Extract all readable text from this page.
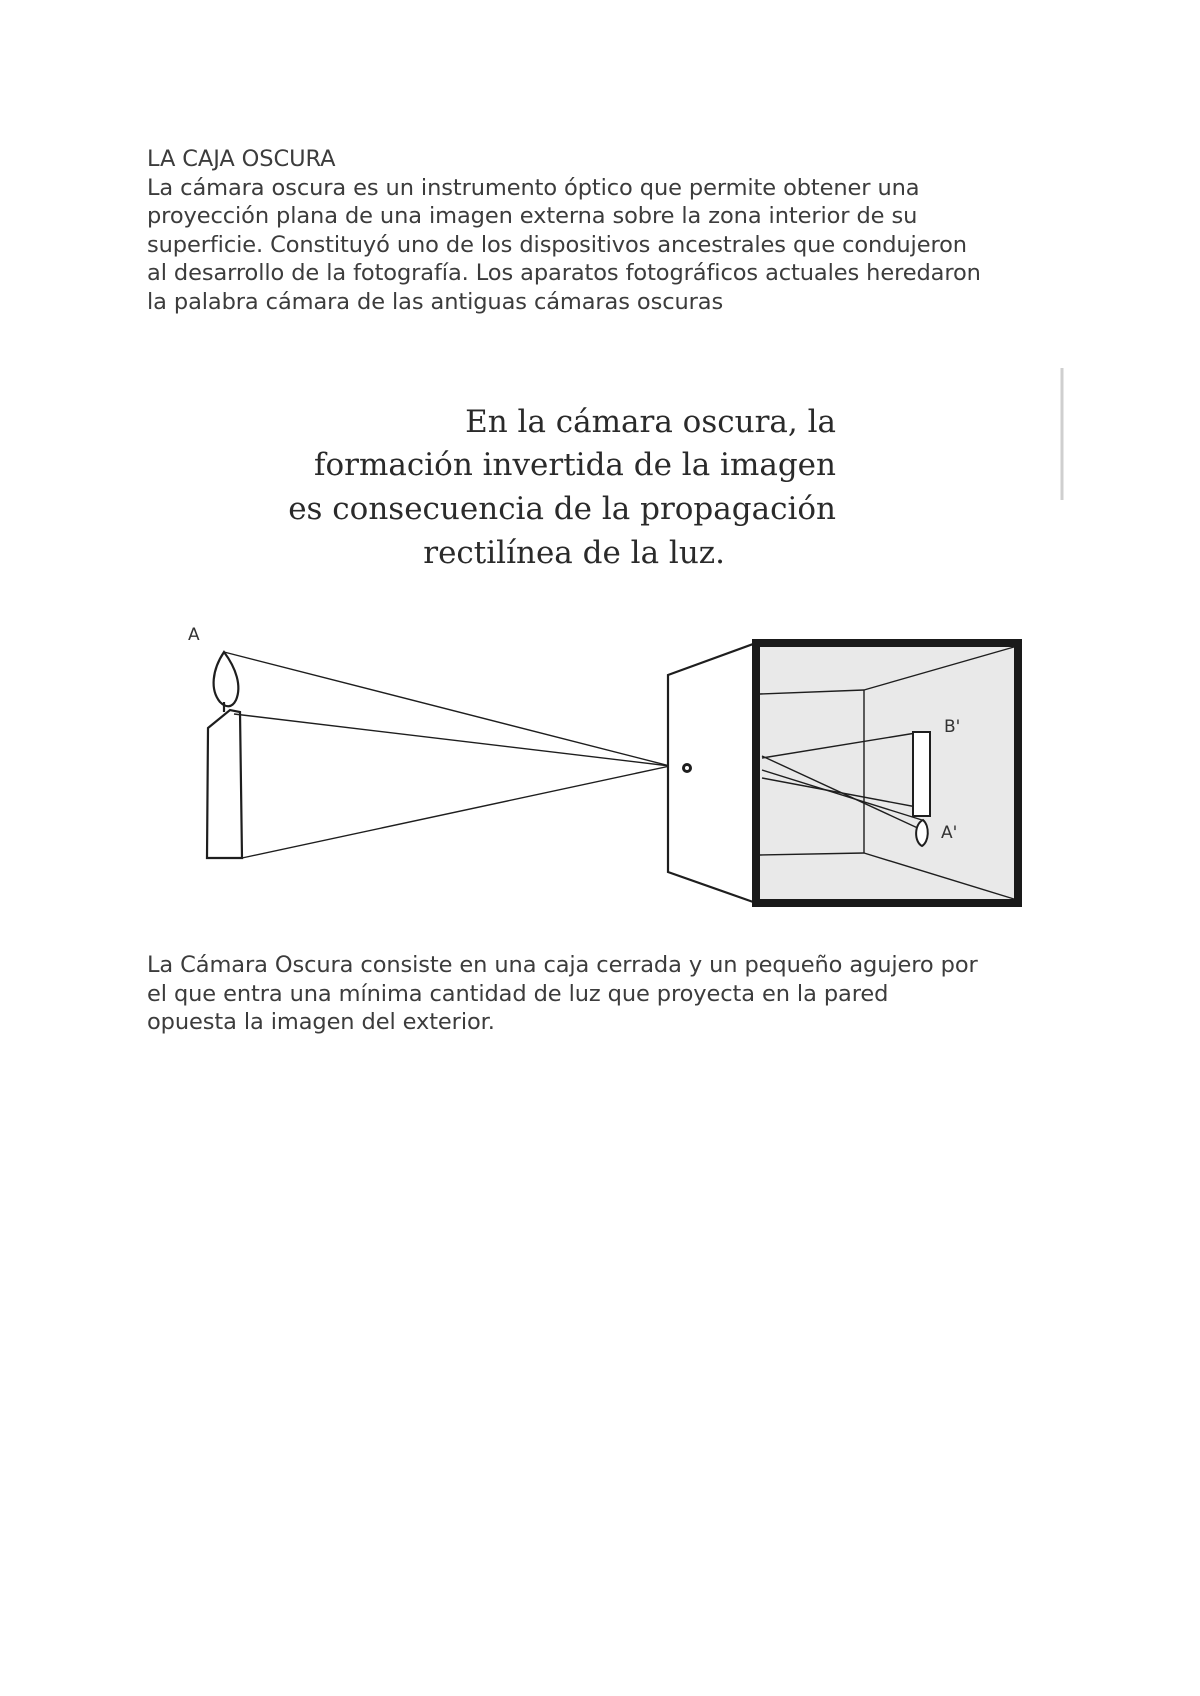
LA CAJA OSCURA
La cámara oscura es un instrumento óptico que permite obtener una
proyección plana de una imagen externa sobre la zona interior de su
superficie. Constituyó uno de los dispositivos ancestrales que condujeron
al desarrollo de la fotografía. Los aparatos fotográficos actuales heredaron
la palabra cámara de las antiguas cámaras oscuras
En la cámara oscura, la
formación invertida de la imagen
es consecuencia de la propagación
rectilínea de la luz.
A
B'
A'
La Cámara Oscura consiste en una caja cerrada y un pequeño agujero por
el que entra una mínima cantidad de luz que proyecta en la pared
opuesta la imagen del exterior.
